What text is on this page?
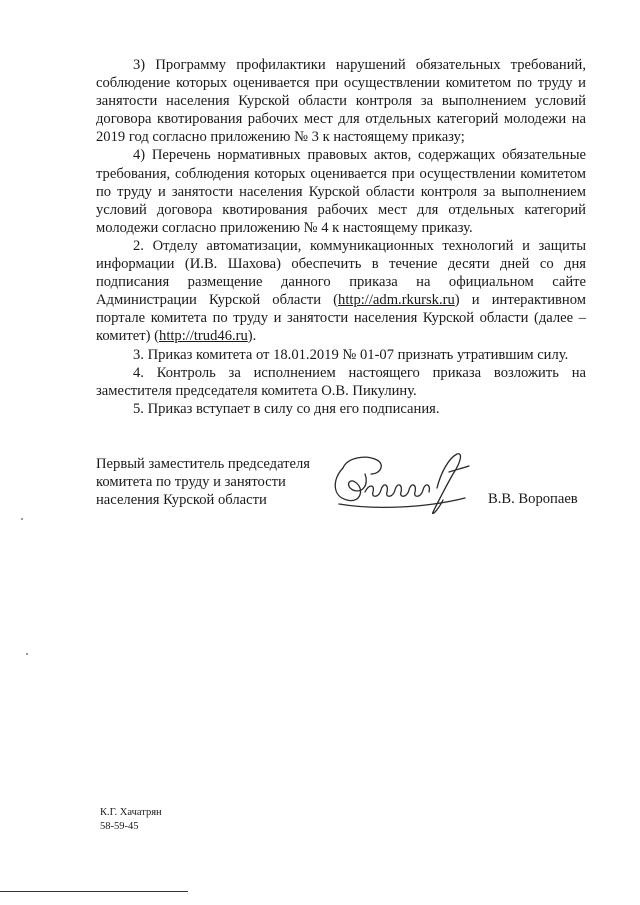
3) Программу профилактики нарушений обязательных требований, соблюдение которых оценивается при осуществлении комитетом по труду и занятости населения Курской области контроля за выполнением условий договора квотирования рабочих мест для отдельных категорий молодежи на 2019 год согласно приложению № 3 к настоящему приказу;

4) Перечень нормативных правовых актов, содержащих обязательные требования, соблюдения которых оценивается при осуществлении комитетом по труду и занятости населения Курской области контроля за выполнением условий договора квотирования рабочих мест для отдельных категорий молодежи согласно приложению № 4 к настоящему приказу.

2. Отделу автоматизации, коммуникационных технологий и защиты информации (И.В. Шахова) обеспечить в течение десяти дней со дня подписания размещение данного приказа на официальном сайте Администрации Курской области (http://adm.rkursk.ru) и интерактивном портале комитета по труду и занятости населения Курской области (далее – комитет) (http://trud46.ru).

3. Приказ комитета от 18.01.2019 № 01-07 признать утратившим силу.

4. Контроль за исполнением настоящего приказа возложить на заместителя председателя комитета О.В. Пикулину.

5. Приказ вступает в силу со дня его подписания.

Первый заместитель председателя
комитета по труду и занятости
населения Курской области	В.В. Воропаев
К.Г. Хачатрян
58-59-45
